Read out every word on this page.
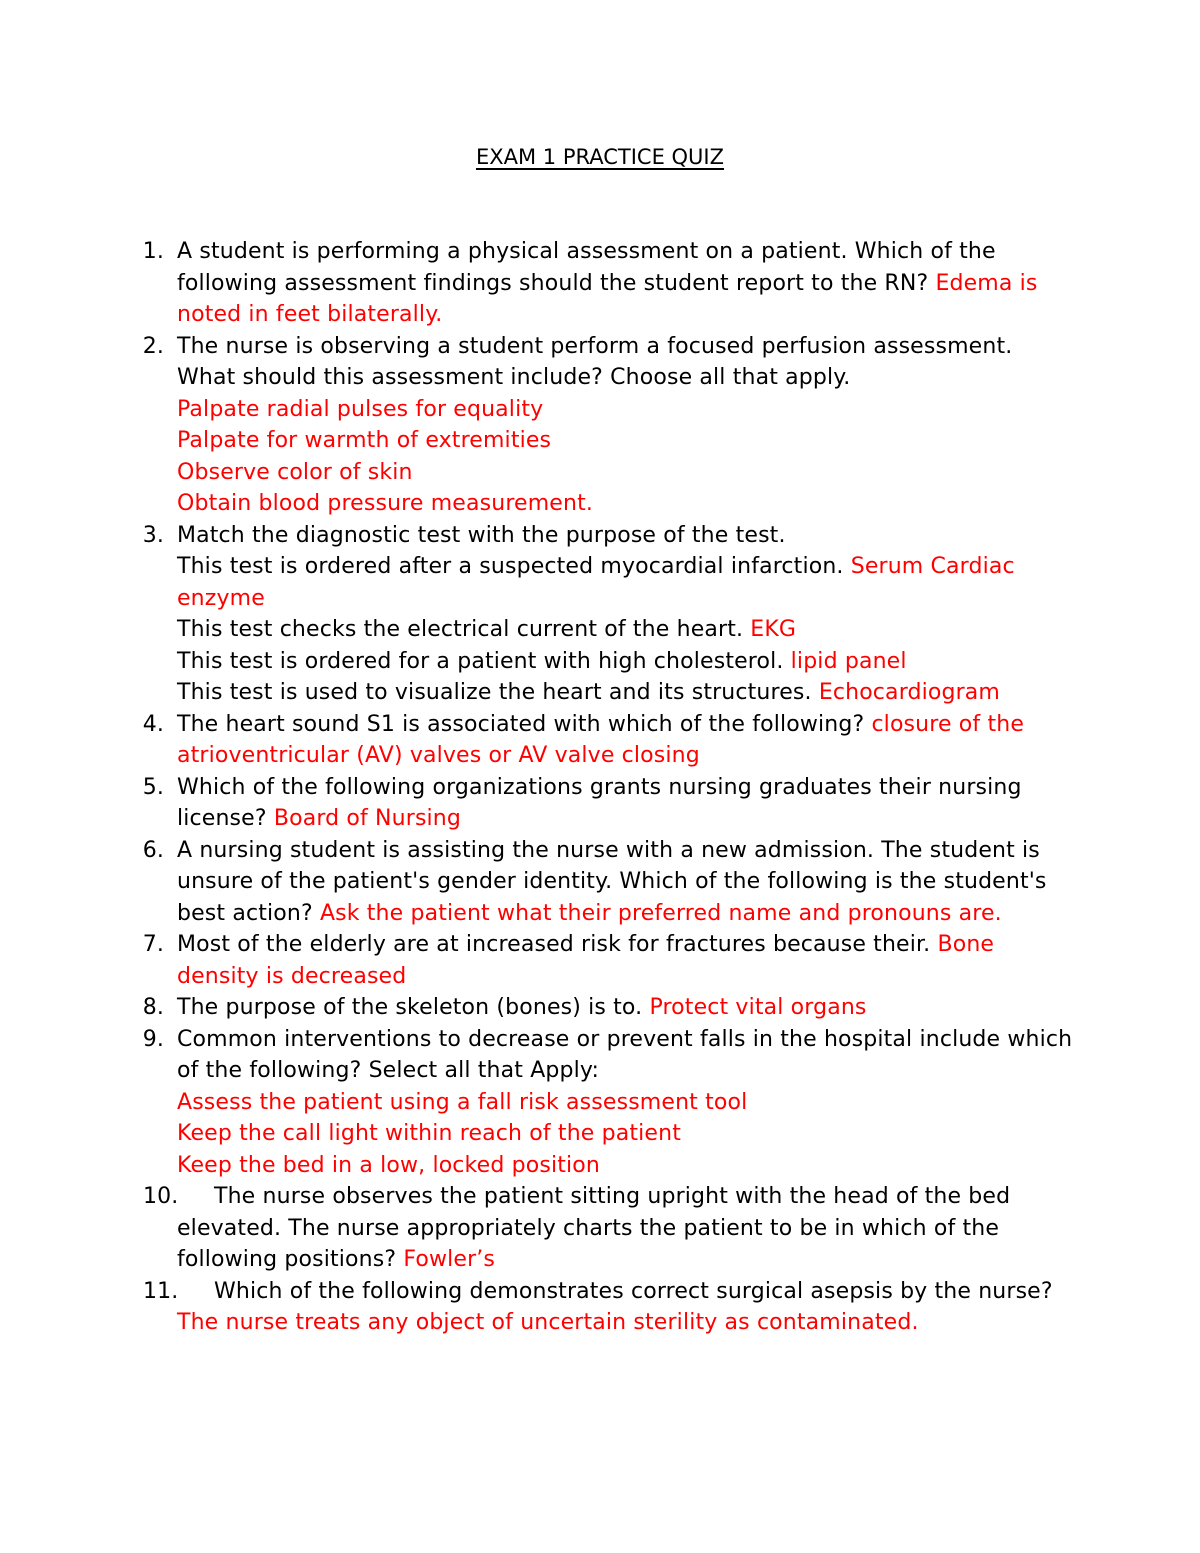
EXAM 1 PRACTICE QUIZ
1. A student is performing a physical assessment on a patient. Which of the following assessment findings should the student report to the RN? Edema is noted in feet bilaterally.
2. The nurse is observing a student perform a focused perfusion assessment. What should this assessment include? Choose all that apply.
Palpate radial pulses for equality
Palpate for warmth of extremities
Observe color of skin
Obtain blood pressure measurement.
3. Match the diagnostic test with the purpose of the test.
This test is ordered after a suspected myocardial infarction. Serum Cardiac enzyme
This test checks the electrical current of the heart. EKG
This test is ordered for a patient with high cholesterol. lipid panel
This test is used to visualize the heart and its structures. Echocardiogram
4. The heart sound S1 is associated with which of the following? closure of the atrioventricular (AV) valves or AV valve closing
5. Which of the following organizations grants nursing graduates their nursing license? Board of Nursing
6. A nursing student is assisting the nurse with a new admission. The student is unsure of the patient's gender identity. Which of the following is the student's best action? Ask the patient what their preferred name and pronouns are.
7. Most of the elderly are at increased risk for fractures because their. Bone density is decreased
8. The purpose of the skeleton (bones) is to. Protect vital organs
9. Common interventions to decrease or prevent falls in the hospital include which of the following? Select all that Apply:
Assess the patient using a fall risk assessment tool
Keep the call light within reach of the patient
Keep the bed in a low, locked position
10. The nurse observes the patient sitting upright with the head of the bed elevated. The nurse appropriately charts the patient to be in which of the following positions? Fowler’s
11. Which of the following demonstrates correct surgical asepsis by the nurse? The nurse treats any object of uncertain sterility as contaminated.
